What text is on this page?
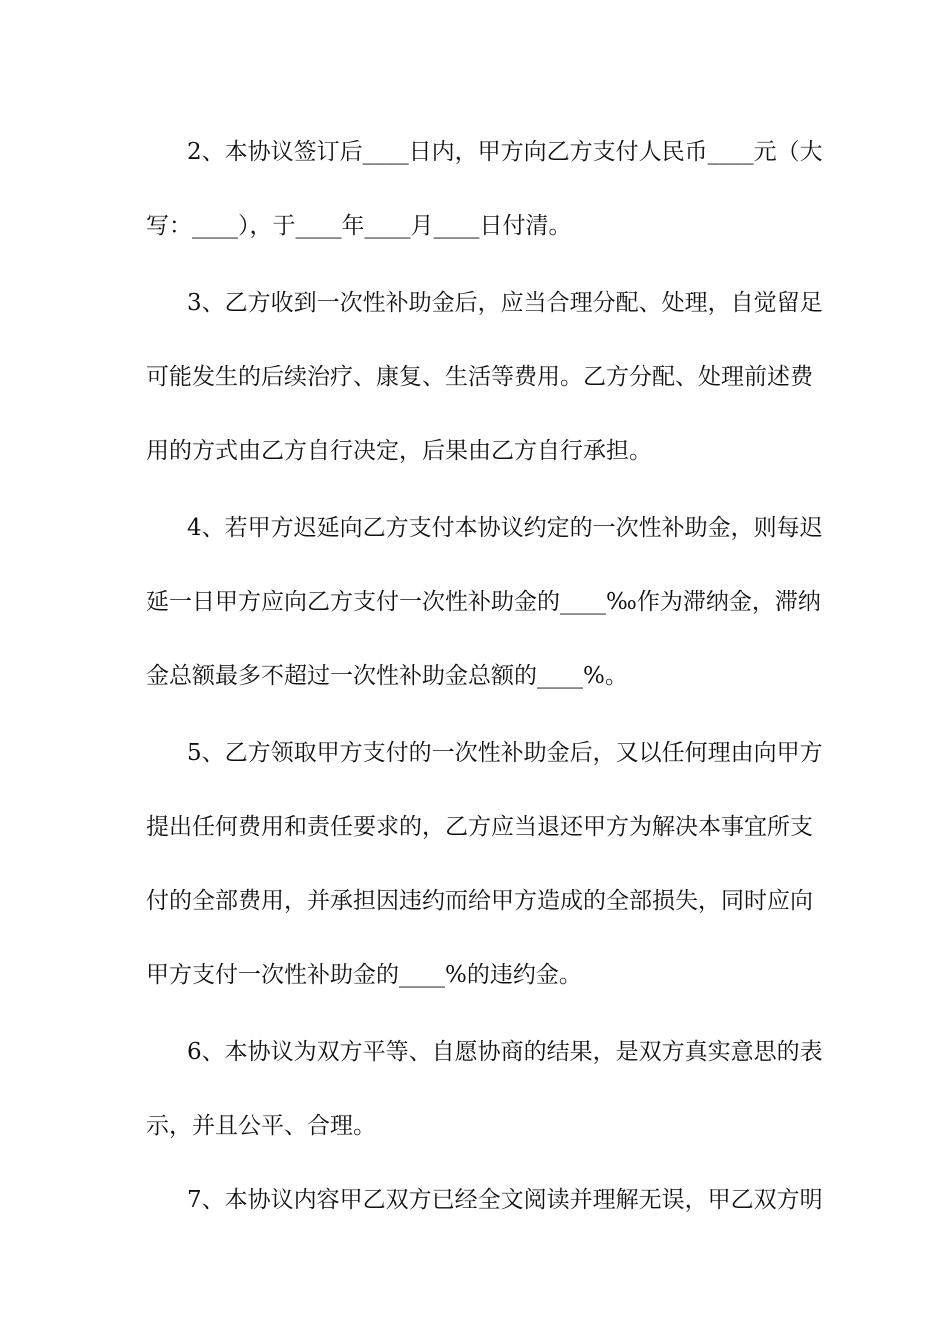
2、本协议签订后____日内，甲方向乙方支付人民币____元（大
写：____），于____年____月____日付清。
3、乙方收到一次性补助金后，应当合理分配、处理，自觉留足
可能发生的后续治疗、康复、生活等费用。乙方分配、处理前述费
用的方式由乙方自行决定，后果由乙方自行承担。
4、若甲方迟延向乙方支付本协议约定的一次性补助金，则每迟
延一日甲方应向乙方支付一次性补助金的____‰作为滞纳金，滞纳
金总额最多不超过一次性补助金总额的____%。
5、乙方领取甲方支付的一次性补助金后，又以任何理由向甲方
提出任何费用和责任要求的，乙方应当退还甲方为解决本事宜所支
付的全部费用，并承担因违约而给甲方造成的全部损失，同时应向
甲方支付一次性补助金的____%的违约金。
6、本协议为双方平等、自愿协商的结果，是双方真实意思的表
示，并且公平、合理。
7、本协议内容甲乙双方已经全文阅读并理解无误，甲乙双方明
